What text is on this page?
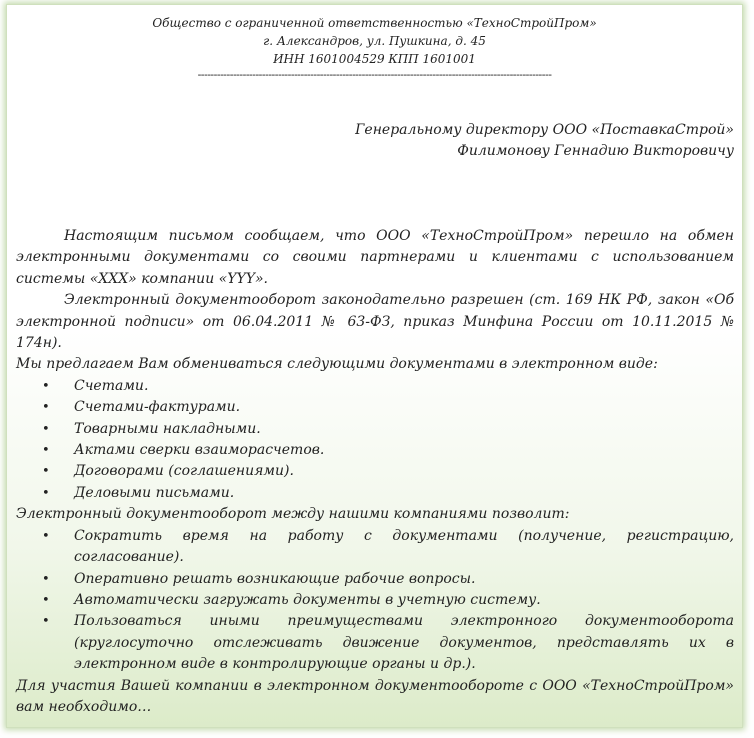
Общество с ограниченной ответственностью «ТехноСтройПром»
г. Александров, ул. Пушкина, д. 45
ИНН 1601004529 КПП 1601001
--------------------------------------------------------------------------------------------------------------
Генеральному директору ООО «ПоставкаСтрой»
Филимонову Геннадию Викторовичу

Настоящим письмом сообщаем, что ООО «ТехноСтройПром» перешло на обмен электронными документами со своими партнерами и клиентами с использованием системы «XXX» компании «YYY».

Электронный документооборот законодательно разрешен (ст. 169 НК РФ, закон «Об электронной подписи» от 06.04.2011 № 63-ФЗ, приказ Минфина России от 10.11.2015 № 174н).

Мы предлагаем Вам обмениваться следующими документами в электронном виде:

• Счетами.
• Счетами-фактурами.
• Товарными накладными.
• Актами сверки взаиморасчетов.
• Договорами (соглашениями).
• Деловыми письмами.

Электронный документооборот между нашими компаниями позволит:

• Сократить время на работу с документами (получение, регистрацию, согласование).
• Оперативно решать возникающие рабочие вопросы.
• Автоматически загружать документы в учетную систему.
• Пользоваться иными преимуществами электронного документооборота (круглосуточно отслеживать движение документов, представлять их в электронном виде в контролирующие органы и др.).

Для участия Вашей компании в электронном документообороте с ООО «ТехноСтройПром» вам необходимо…
